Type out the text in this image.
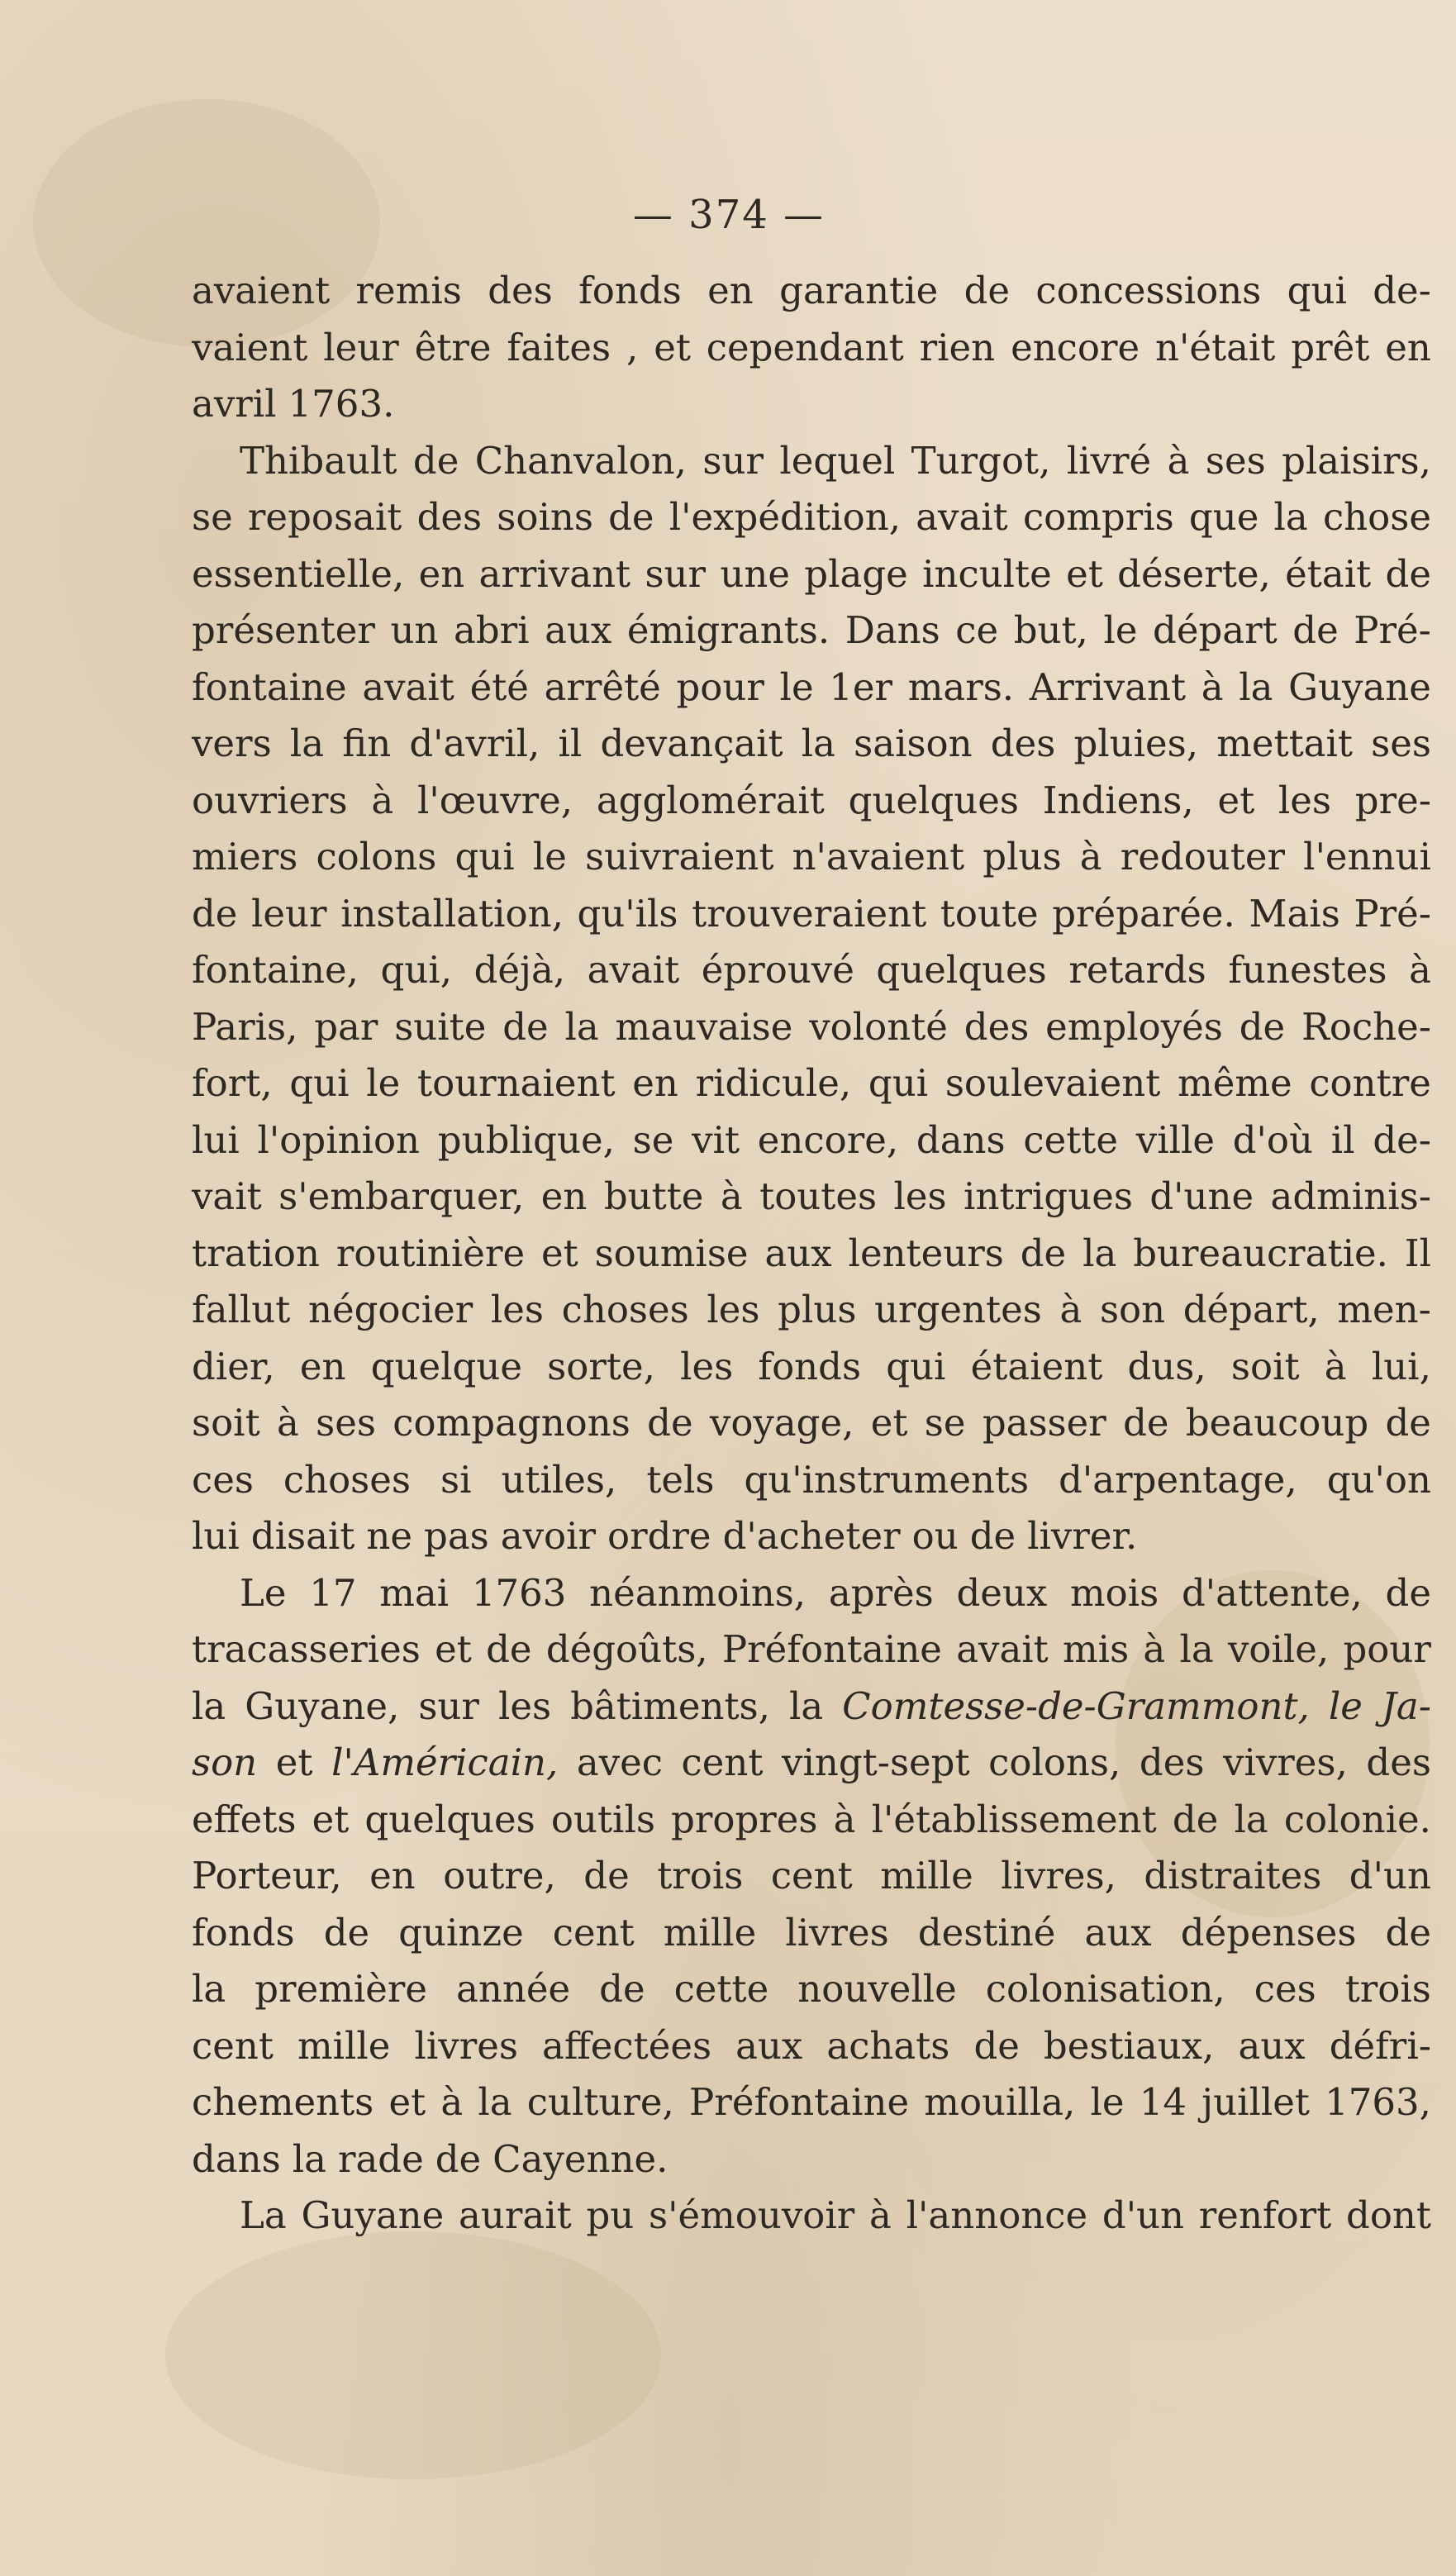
— 374 —
avaient remis des fonds en garantie de concessions qui de-
vaient leur être faites , et cependant rien encore n'était prêt en
avril 1763.
Thibault de Chanvalon, sur lequel Turgot, livré à ses plaisirs,
se reposait des soins de l'expédition, avait compris que la chose
essentielle, en arrivant sur une plage inculte et déserte, était de
présenter un abri aux émigrants. Dans ce but, le départ de Pré-
fontaine avait été arrêté pour le 1er mars. Arrivant à la Guyane
vers la fin d'avril, il devançait la saison des pluies, mettait ses
ouvriers à l'œuvre, agglomérait quelques Indiens, et les pre-
miers colons qui le suivraient n'avaient plus à redouter l'ennui
de leur installation, qu'ils trouveraient toute préparée. Mais Pré-
fontaine, qui, déjà, avait éprouvé quelques retards funestes à
Paris, par suite de la mauvaise volonté des employés de Roche-
fort, qui le tournaient en ridicule, qui soulevaient même contre
lui l'opinion publique, se vit encore, dans cette ville d'où il de-
vait s'embarquer, en butte à toutes les intrigues d'une adminis-
tration routinière et soumise aux lenteurs de la bureaucratie. Il
fallut négocier les choses les plus urgentes à son départ, men-
dier, en quelque sorte, les fonds qui étaient dus, soit à lui,
soit à ses compagnons de voyage, et se passer de beaucoup de
ces choses si utiles, tels qu'instruments d'arpentage, qu'on
lui disait ne pas avoir ordre d'acheter ou de livrer.
Le 17 mai 1763 néanmoins, après deux mois d'attente, de
tracasseries et de dégoûts, Préfontaine avait mis à la voile, pour
la Guyane, sur les bâtiments, la Comtesse-de-Grammont, le Ja-
son et l'Américain, avec cent vingt-sept colons, des vivres, des
effets et quelques outils propres à l'établissement de la colonie.
Porteur, en outre, de trois cent mille livres, distraites d'un
fonds de quinze cent mille livres destiné aux dépenses de
la première année de cette nouvelle colonisation, ces trois
cent mille livres affectées aux achats de bestiaux, aux défri-
chements et à la culture, Préfontaine mouilla, le 14 juillet 1763,
dans la rade de Cayenne.
La Guyane aurait pu s'émouvoir à l'annonce d'un renfort dont
